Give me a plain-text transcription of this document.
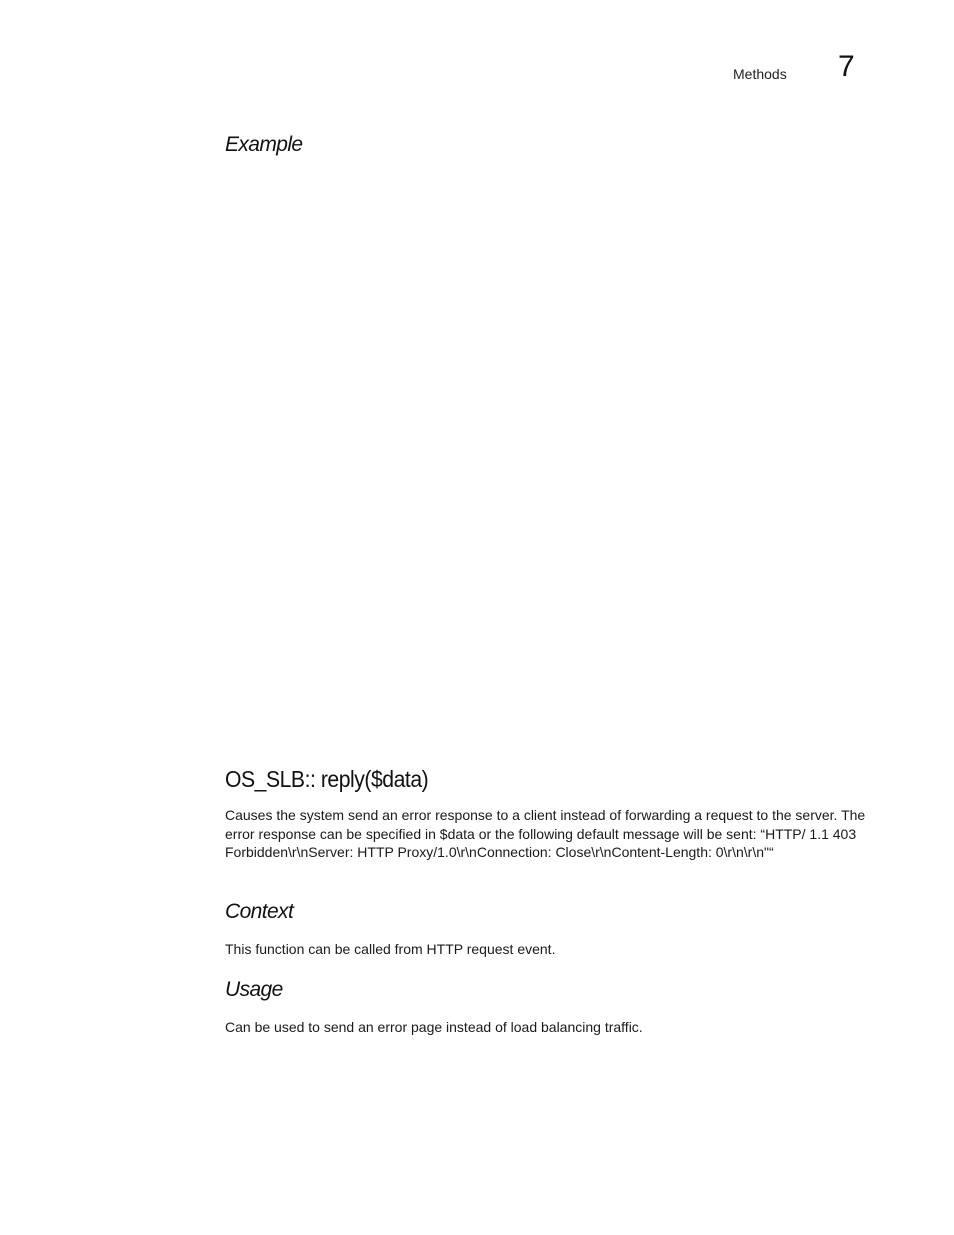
Methods 7
Example
OS_SLB:: reply($data)

Causes the system send an error response to a client instead of forwarding a request to the server. The error response can be specified in $data or the following default message will be sent: “HTTP/ 1.1 403 Forbidden\r\nServer: HTTP Proxy/1.0\r\nConnection: Close\r\nContent-Length: 0\r\n\r\n"“

Context

This function can be called from HTTP request event.

Usage

Can be used to send an error page instead of load balancing traffic.
